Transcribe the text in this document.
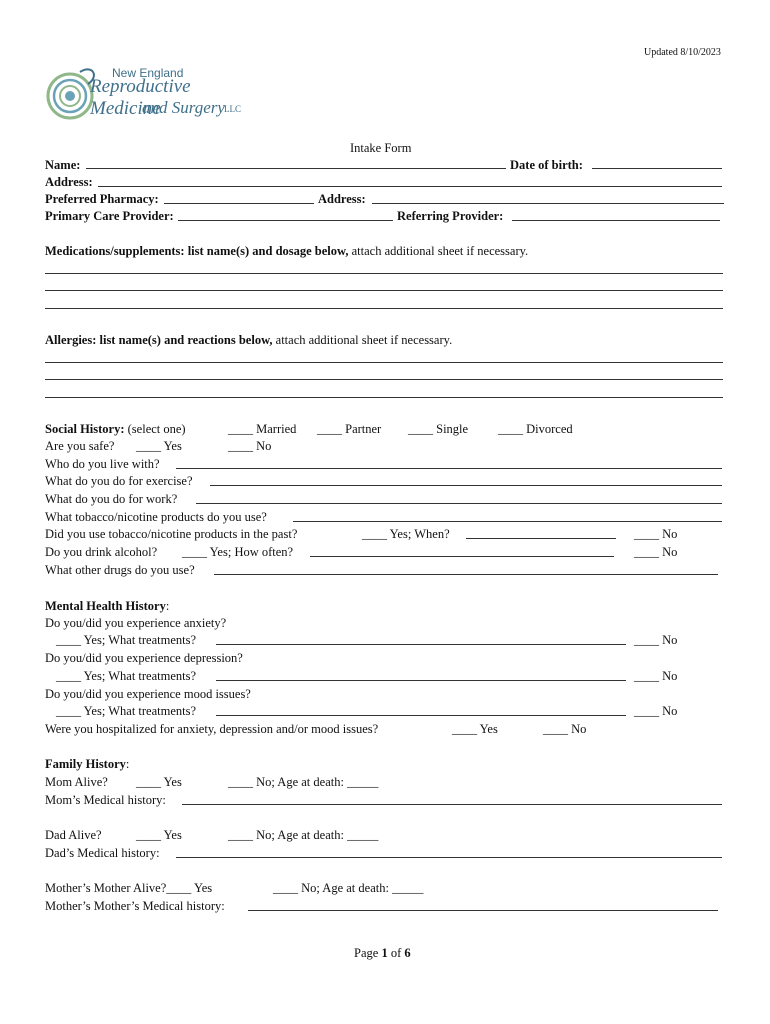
Updated 8/10/2023
New England
Reproductive Medicine
and Surgery LLC
Intake Form
Name:	Date of birth:
Address:
Preferred Pharmacy:	Address:
Primary Care Provider:	Referring Provider:
Medications/supplements: list name(s) and dosage below, attach additional sheet if necessary.
Allergies: list name(s) and reactions below, attach additional sheet if necessary.
Social History: (select one)	____ Married ____ Partner ____ Single ____ Divorced
Are you safe? ____ Yes	____ No
Who do you live with?
What do you do for exercise?
What do you do for work?
What tobacco/nicotine products do you use?
Did you use tobacco/nicotine products in the past?	____ Yes; When?	____ No
Do you drink alcohol? ____ Yes; How often?	____ No
What other drugs do you use?
Mental Health History:
Do you/did you experience anxiety?
____ Yes; What treatments?	____ No
Do you/did you experience depression?
____ Yes; What treatments?	____ No
Do you/did you experience mood issues?
____ Yes; What treatments?	____ No
Were you hospitalized for anxiety, depression and/or mood issues?	____ Yes	____ No
Family History:
Mom Alive? ____ Yes	____ No; Age at death: _____
Mom’s Medical history:
Dad Alive?	____ Yes	____ No; Age at death: _____
Dad’s Medical history:
Mother’s Mother Alive?____ Yes	____ No; Age at death: _____
Mother’s Mother’s Medical history:
Page 1 of 6
